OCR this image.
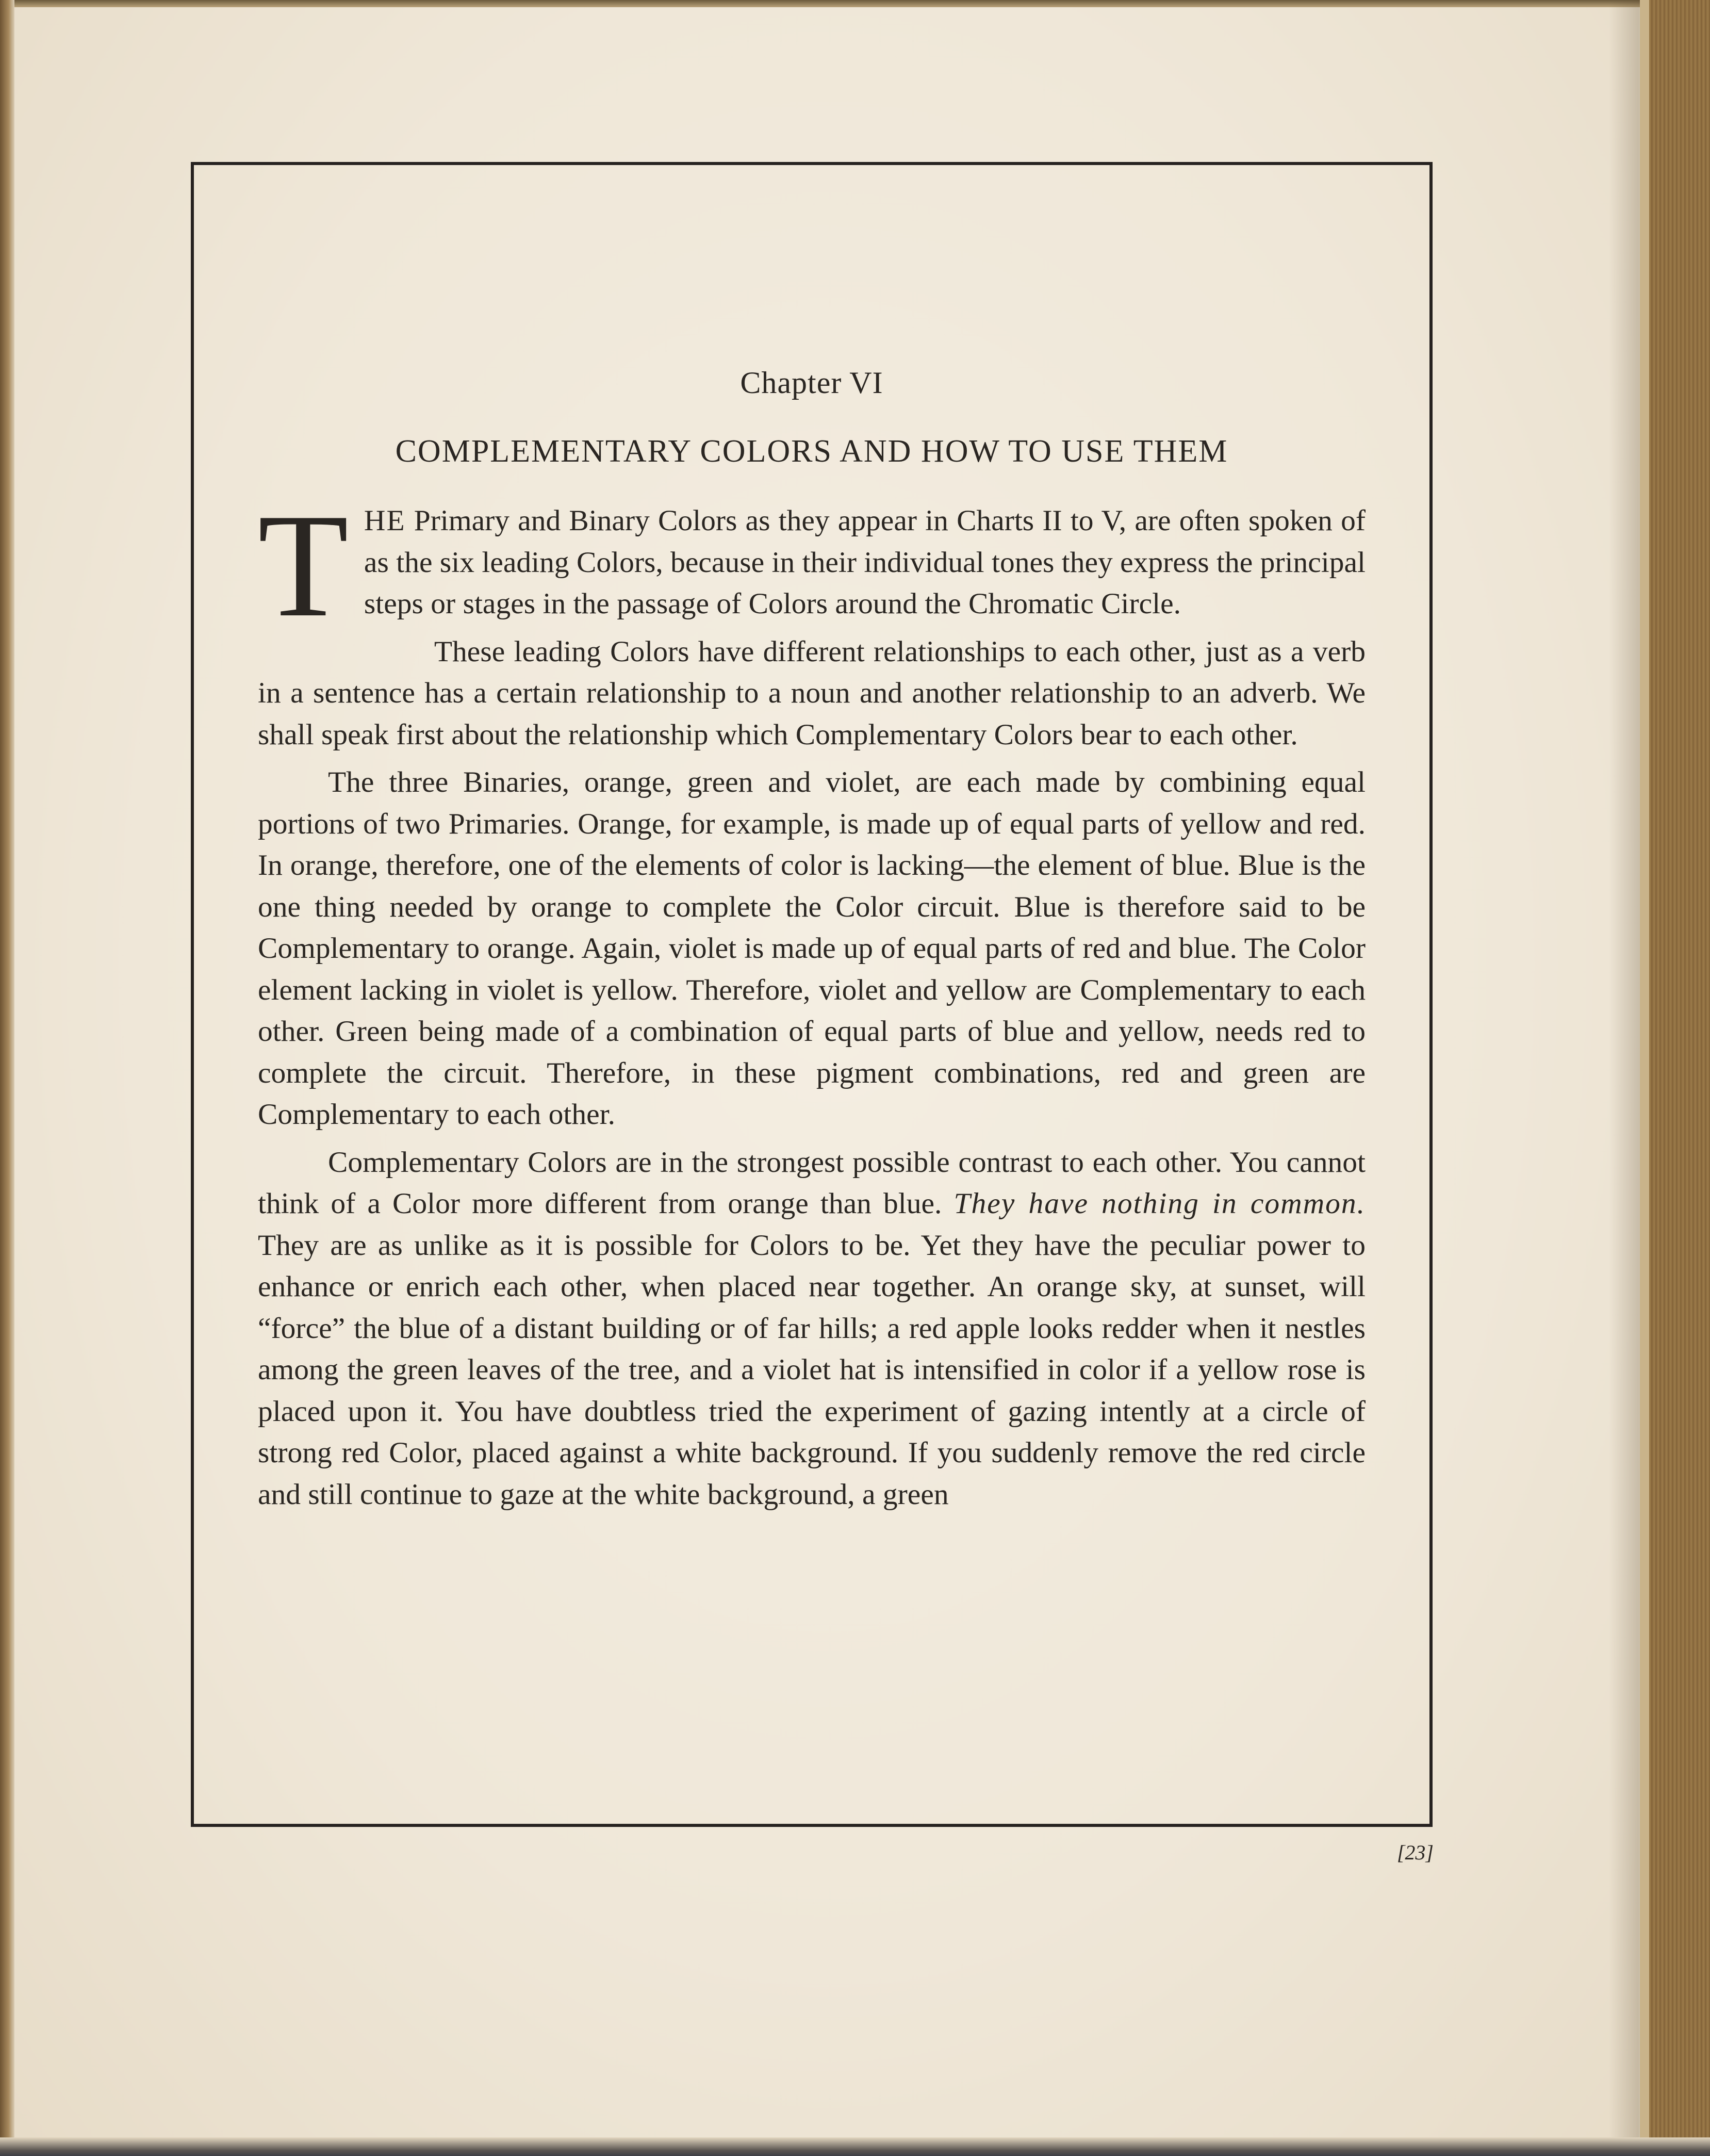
Chapter VI
COMPLEMENTARY COLORS AND HOW TO USE THEM

THE Primary and Binary Colors as they appear in Charts II to V, are often spoken of as the six leading Colors, because in their individual tones they express the principal steps or stages in the passage of Colors around the Chromatic Circle.

These leading Colors have different relationships to each other, just as a verb in a sentence has a certain relationship to a noun and another relationship to an adverb. We shall speak first about the relationship which Complementary Colors bear to each other.

The three Binaries, orange, green and violet, are each made by combining equal portions of two Primaries. Orange, for example, is made up of equal parts of yellow and red. In orange, therefore, one of the elements of color is lacking—the element of blue. Blue is the one thing needed by orange to complete the Color circuit. Blue is therefore said to be Complementary to orange. Again, violet is made up of equal parts of red and blue. The Color element lacking in violet is yellow. Therefore, violet and yellow are Complementary to each other. Green being made of a combination of equal parts of blue and yellow, needs red to complete the circuit. Therefore, in these pigment combinations, red and green are Complementary to each other.

Complementary Colors are in the strongest possible contrast to each other. You cannot think of a Color more different from orange than blue. They have nothing in common. They are as unlike as it is possible for Colors to be. Yet they have the peculiar power to enhance or enrich each other, when placed near together. An orange sky, at sunset, will “force” the blue of a distant building or of far hills; a red apple looks redder when it nestles among the green leaves of the tree, and a violet hat is intensified in color if a yellow rose is placed upon it. You have doubtless tried the experiment of gazing intently at a circle of strong red Color, placed against a white background. If you suddenly remove the red circle and still continue to gaze at the white background, a green

[23]
